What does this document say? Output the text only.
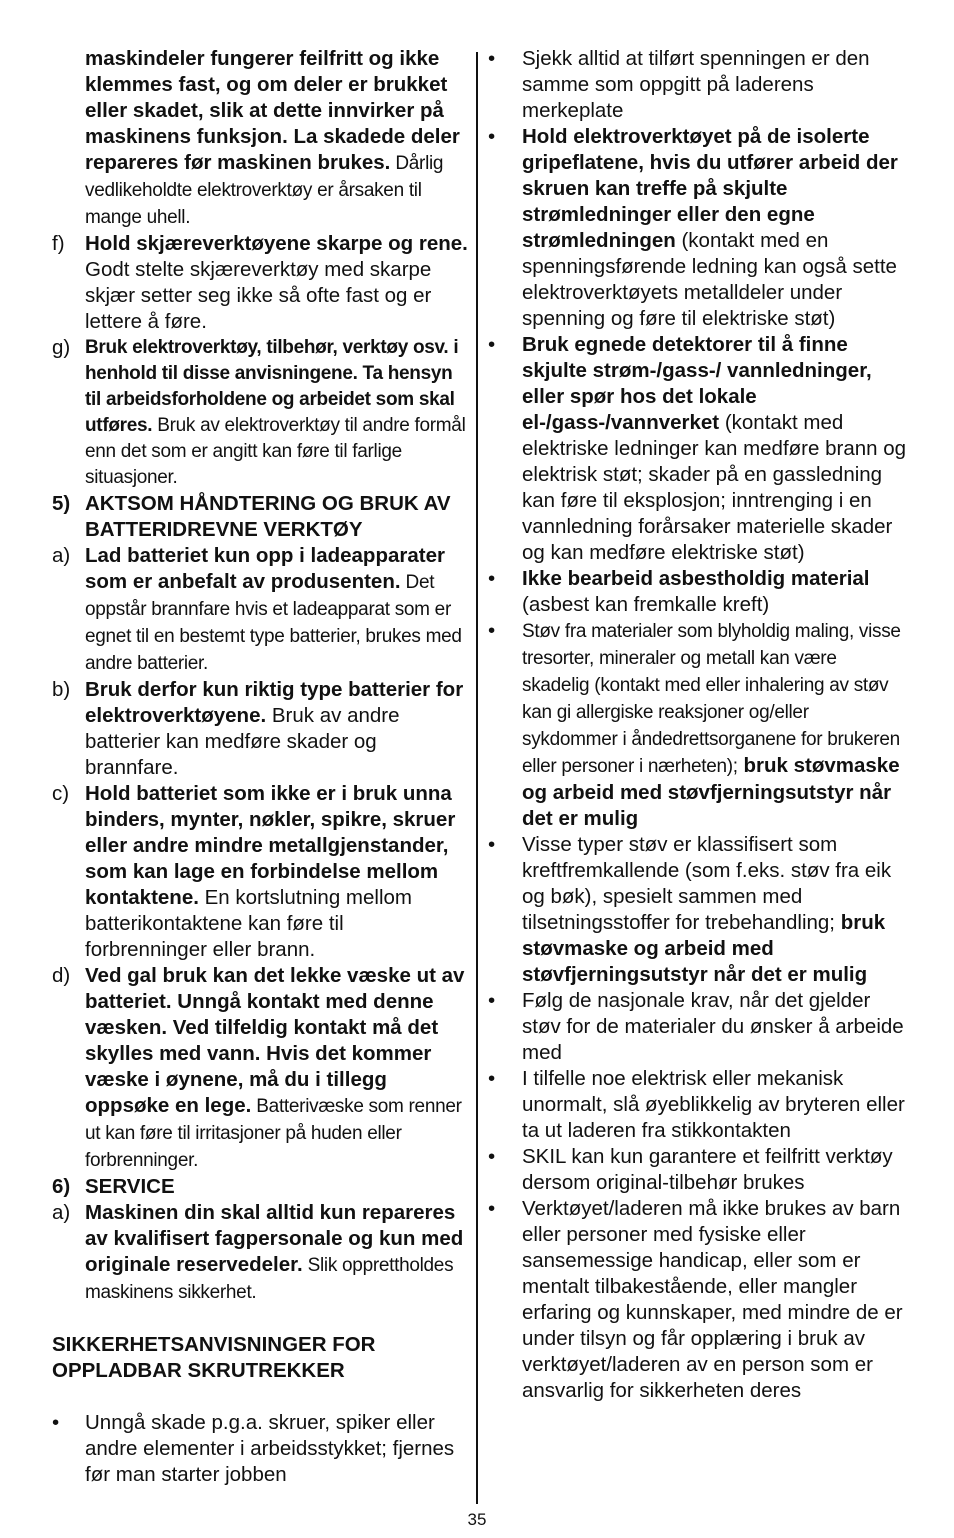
maskindeler fungerer feilfritt og ikke klemmes fast, og om deler er brukket eller skadet, slik at dette innvirker på maskinens funksjon. La skadede deler repareres før maskinen brukes. Dårlig vedlikeholdte elektroverktøy er årsaken til mange uhell.
f) Hold skjæreverktøyene skarpe og rene. Godt stelte skjæreverktøy med skarpe skjær setter seg ikke så ofte fast og er lettere å føre.
g) Bruk elektroverktøy, tilbehør, verktøy osv. i henhold til disse anvisningene. Ta hensyn til arbeidsforholdene og arbeidet som skal utføres. Bruk av elektroverktøy til andre formål enn det som er angitt kan føre til farlige situasjoner.
5) AKTSOM HÅNDTERING OG BRUK AV BATTERIDREVNE VERKTØY
a) Lad batteriet kun opp i ladeapparater som er anbefalt av produsenten. Det oppstår brannfare hvis et ladeapparat som er egnet til en bestemt type batterier, brukes med andre batterier.
b) Bruk derfor kun riktig type batterier for elektroverktøyene. Bruk av andre batterier kan medføre skader og brannfare.
c) Hold batteriet som ikke er i bruk unna binders, mynter, nøkler, spikre, skruer eller andre mindre metallgjenstander, som kan lage en forbindelse mellom kontaktene. En kortslutning mellom batterikontaktene kan føre til forbrenninger eller brann.
d) Ved gal bruk kan det lekke væske ut av batteriet. Unngå kontakt med denne væsken. Ved tilfeldig kontakt må det skylles med vann. Hvis det kommer væske i øynene, må du i tillegg oppsøke en lege. Batterivæske som renner ut kan føre til irritasjoner på huden eller forbrenninger.
6) SERVICE
a) Maskinen din skal alltid kun repareres av kvalifisert fagpersonale og kun med originale reservedeler. Slik opprettholdes maskinens sikkerhet.
SIKKERHETSANVISNINGER FOR OPPLADBAR SKRUTREKKER
•	Unngå skade p.g.a. skruer, spiker eller andre elementer i arbeidsstykket; fjernes før man starter jobben
•	Sjekk alltid at tilført spenningen er den samme som oppgitt på laderens merkeplate
•	Hold elektroverktøyet på de isolerte gripeflatene, hvis du utfører arbeid der skruen kan treffe på skjulte strømledninger eller den egne strømledningen (kontakt med en spenningsførende ledning kan også sette elektroverktøyets metalldeler under spenning og føre til elektriske støt)
•	Bruk egnede detektorer til å finne skjulte strøm-/gass-/ vannledninger, eller spør hos det lokale el-/gass-/vannverket (kontakt med elektriske ledninger kan medføre brann og elektrisk støt; skader på en gassledning kan føre til eksplosjon; inntrenging i en vannledning forårsaker materielle skader og kan medføre elektriske støt)
•	Ikke bearbeid asbestholdig material (asbest kan fremkalle kreft)
•	Støv fra materialer som blyholdig maling, visse tresorter, mineraler og metall kan være skadelig (kontakt med eller inhalering av støv kan gi allergiske reaksjoner og/eller sykdommer i åndedrettsorganene for brukeren eller personer i nærheten); bruk støvmaske og arbeid med støvfjerningsutstyr når det er mulig
•	Visse typer støv er klassifisert som kreftfremkallende (som f.eks. støv fra eik og bøk), spesielt sammen med tilsetningsstoffer for trebehandling; bruk støvmaske og arbeid med støvfjerningsutstyr når det er mulig
•	Følg de nasjonale krav, når det gjelder støv for de materialer du ønsker å arbeide med
•	I tilfelle noe elektrisk eller mekanisk unormalt, slå øyeblikkelig av bryteren eller ta ut laderen fra stikkontakten
•	SKIL kan kun garantere et feilfritt verktøy dersom original-tilbehør brukes
•	Verktøyet/laderen må ikke brukes av barn eller personer med fysiske eller sansemessige handicap, eller som er mentalt tilbakestående, eller mangler erfaring og kunnskaper, med mindre de er under tilsyn og får opplæring i bruk av verktøyet/laderen av en person som er ansvarlig for sikkerheten deres
35
